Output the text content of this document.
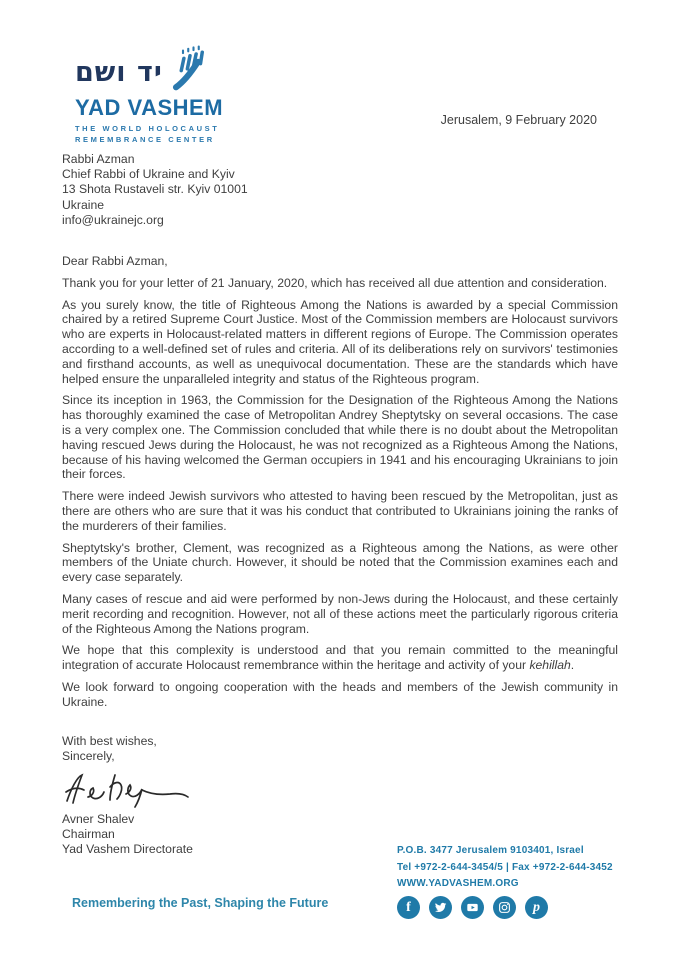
יד ושם
YAD VASHEM
THE WORLD HOLOCAUST
REMEMBRANCE CENTER
Jerusalem, 9 February 2020
Rabbi Azman
Chief Rabbi of Ukraine and Kyiv
13 Shota Rustaveli str. Kyiv 01001
Ukraine
info@ukrainejc.org
Dear Rabbi Azman,
Thank you for your letter of 21 January, 2020, which has received all due attention and consideration.
As you surely know, the title of Righteous Among the Nations is awarded by a special Commission chaired by a retired Supreme Court Justice. Most of the Commission members are Holocaust survivors who are experts in Holocaust-related matters in different regions of Europe. The Commission operates according to a well-defined set of rules and criteria. All of its deliberations rely on survivors' testimonies and firsthand accounts, as well as unequivocal documentation. These are the standards which have helped ensure the unparalleled integrity and status of the Righteous program.
Since its inception in 1963, the Commission for the Designation of the Righteous Among the Nations has thoroughly examined the case of Metropolitan Andrey Sheptytsky on several occasions. The case is a very complex one. The Commission concluded that while there is no doubt about the Metropolitan having rescued Jews during the Holocaust, he was not recognized as a Righteous Among the Nations, because of his having welcomed the German occupiers in 1941 and his encouraging Ukrainians to join their forces.
There were indeed Jewish survivors who attested to having been rescued by the Metropolitan, just as there are others who are sure that it was his conduct that contributed to Ukrainians joining the ranks of the murderers of their families.
Sheptytsky's brother, Clement, was recognized as a Righteous among the Nations, as were other members of the Uniate church. However, it should be noted that the Commission examines each and every case separately.
Many cases of rescue and aid were performed by non-Jews during the Holocaust, and these certainly merit recording and recognition. However, not all of these actions meet the particularly rigorous criteria of the Righteous Among the Nations program.
We hope that this complexity is understood and that you remain committed to the meaningful integration of accurate Holocaust remembrance within the heritage and activity of your kehillah.
We look forward to ongoing cooperation with the heads and members of the Jewish community in Ukraine.
With best wishes,
Sincerely,
Avner Shalev
Chairman
Yad Vashem Directorate	P.O.B. 3477 Jerusalem 9103401, Israel
Tel +972-2-644-3454/5 | Fax +972-2-644-3452
WWW.YADVASHEM.ORG
f	p
Remembering the Past, Shaping the Future
